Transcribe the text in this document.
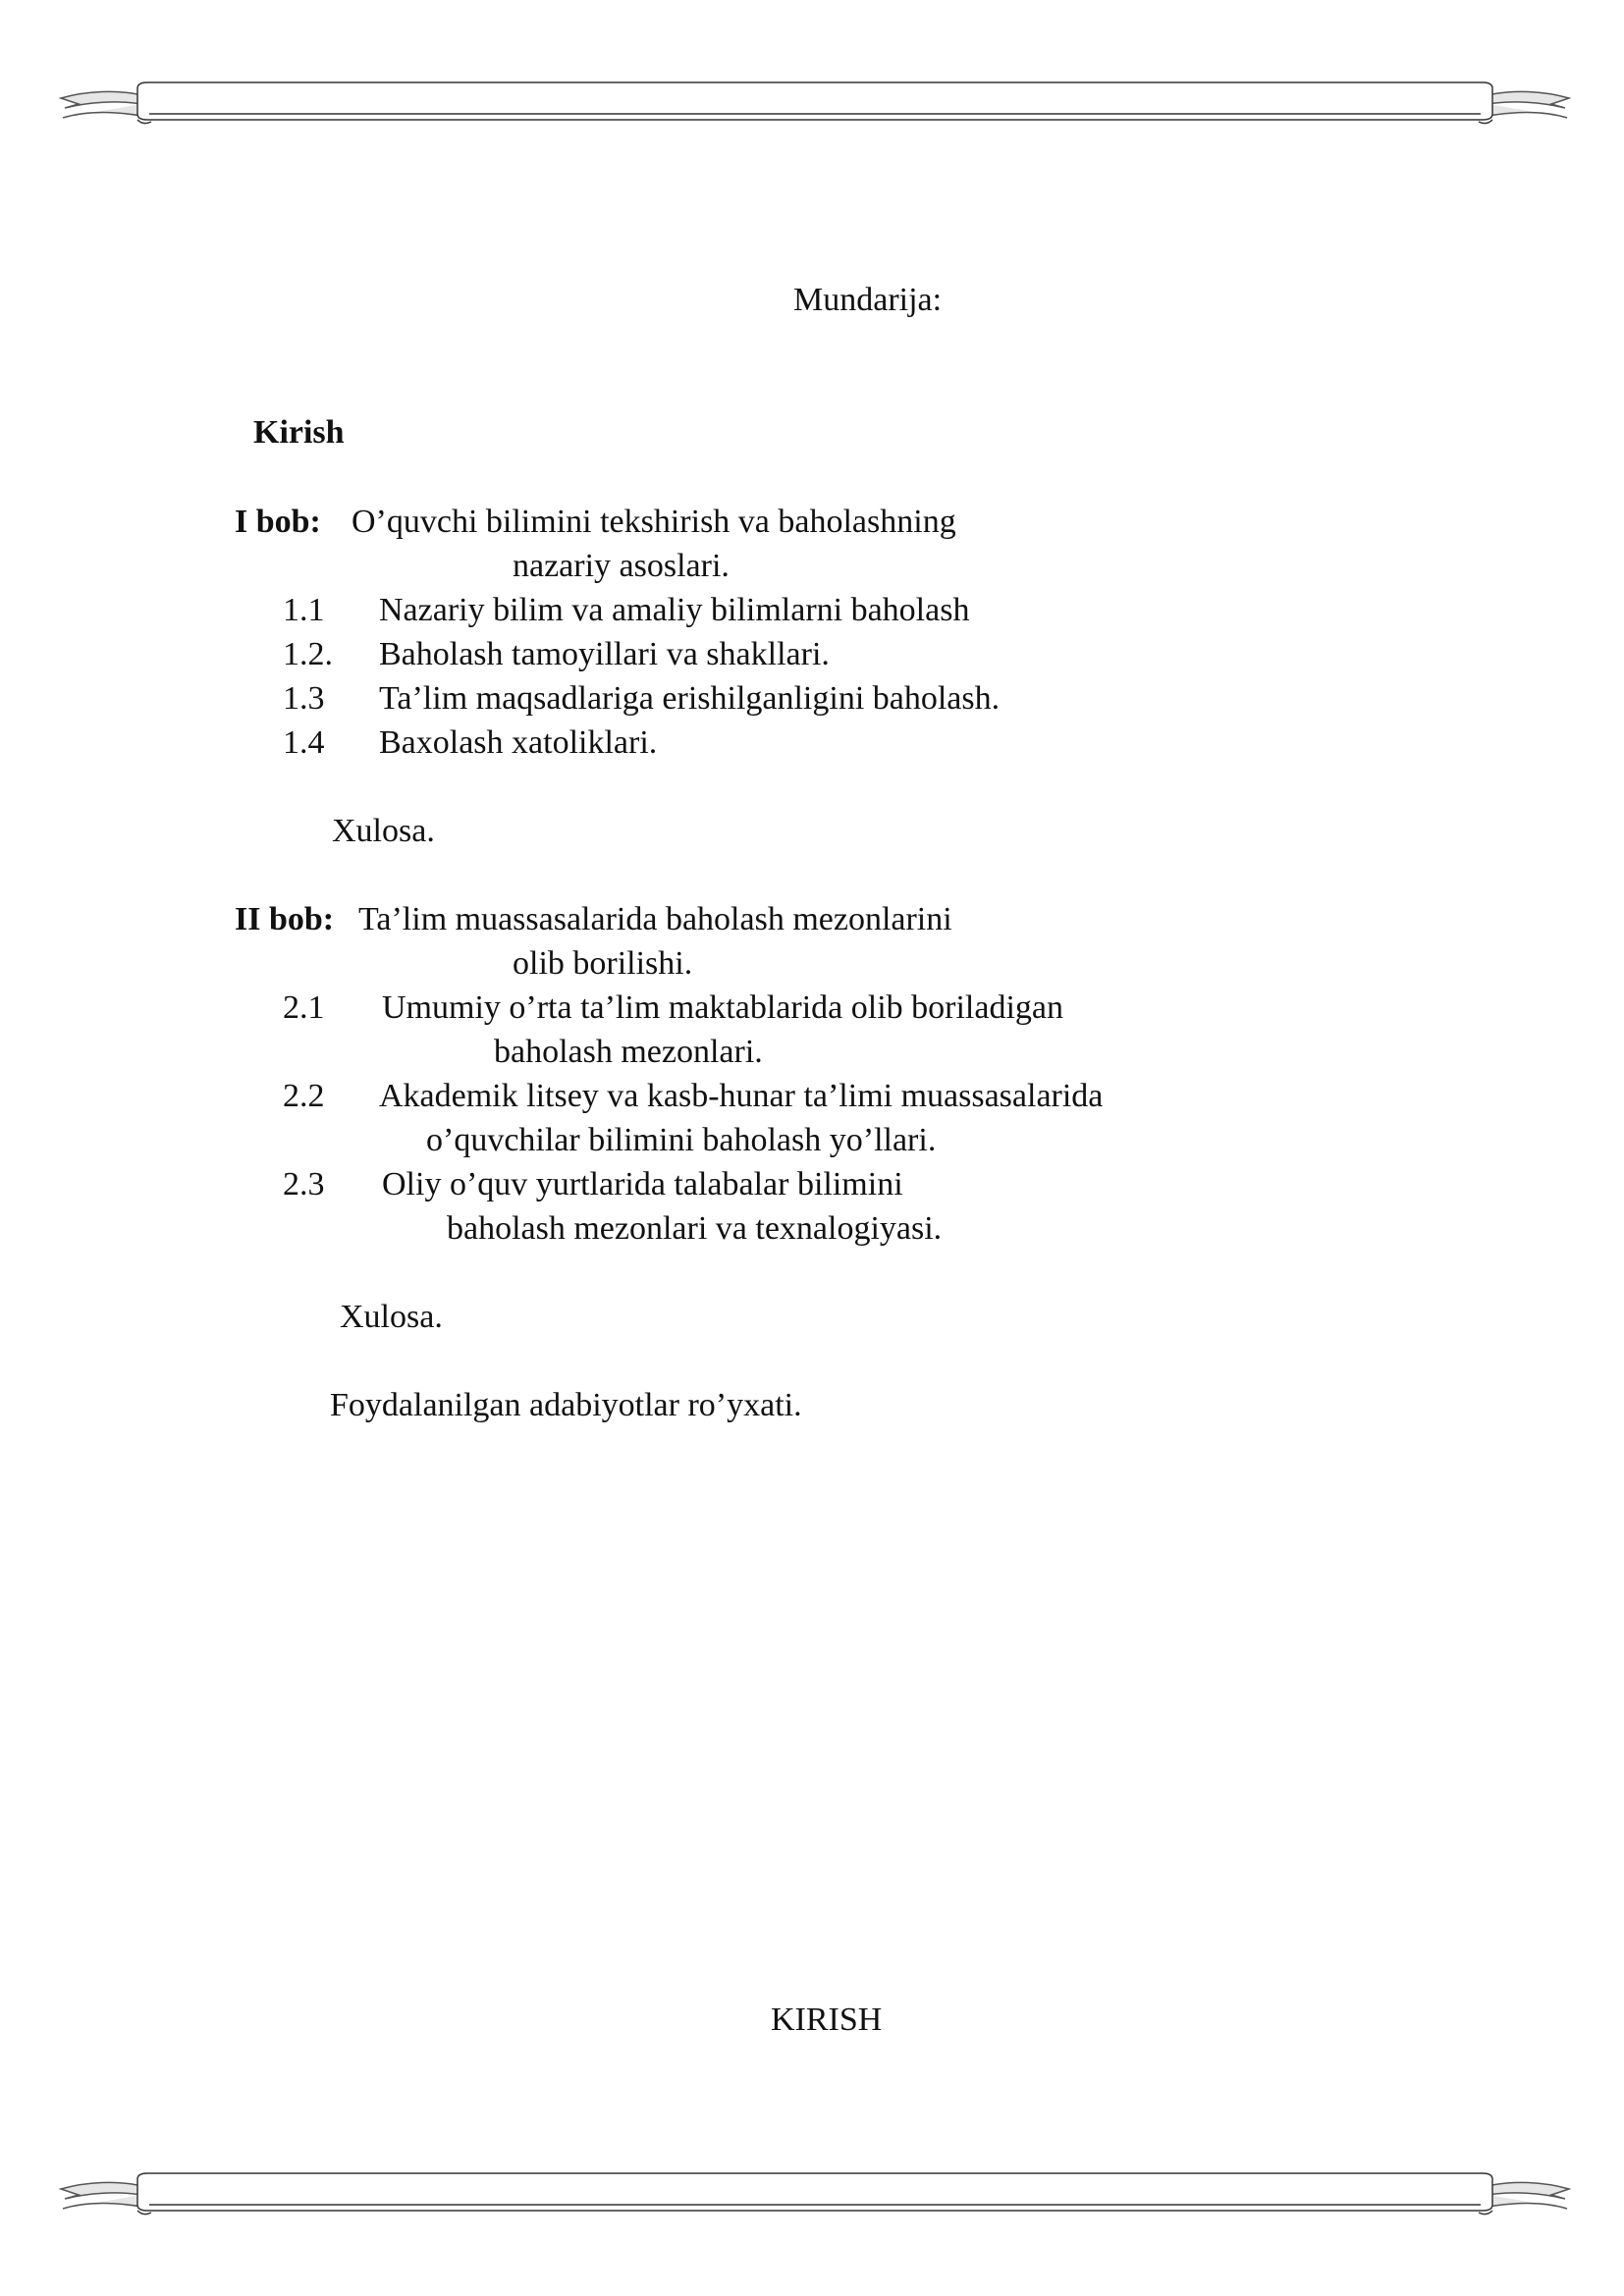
Mundarija:
Kirish
I bob: O’quvchi bilimini tekshirish va baholashning
nazariy asoslari.
1.1 Nazariy bilim va amaliy bilimlarni baholash
1.2. Baholash tamoyillari va shakllari.
1.3 Ta’lim maqsadlariga erishilganligini baholash.
1.4 Baxolash xatoliklari.
Xulosa.
II bob: Ta’lim muassasalarida baholash mezonlarini
olib borilishi.
2.1 Umumiy o’rta ta’lim maktablarida olib boriladigan
baholash mezonlari.
2.2 Akademik litsey va kasb-hunar ta’limi muassasalarida
o’quvchilar bilimini baholash yo’llari.
2.3 Oliy o’quv yurtlarida talabalar bilimini
baholash mezonlari va texnalogiyasi.
Xulosa.
Foydalanilgan adabiyotlar ro’yxati.
KIRISH
